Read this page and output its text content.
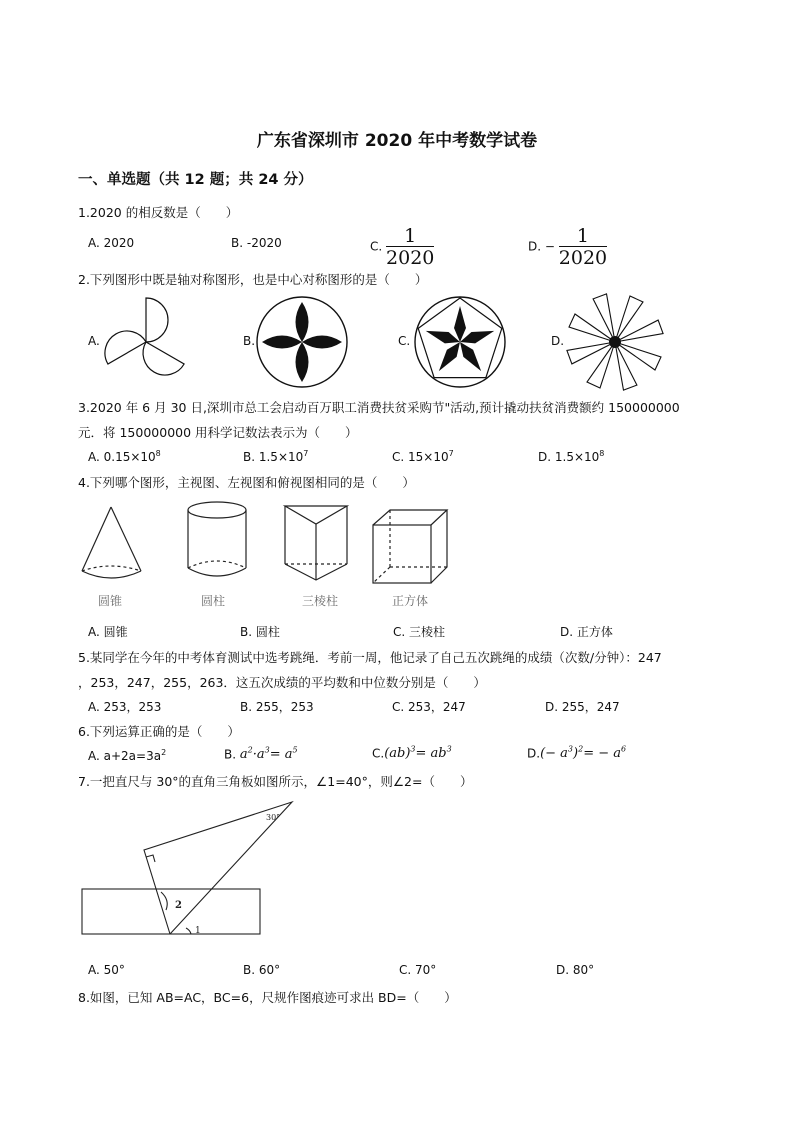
广东省深圳市 2020 年中考数学试卷
一、单选题（共 12 题；共 24 分）
1.2020 的相反数是（　　）
A. 2020	B. -2020	C. $\frac{1}{2020}$	D. − $\frac{1}{2020}$
2.下列图形中既是轴对称图形，也是中心对称图形的是（　　）
A.	B.	C.	D.
3.2020 年 6 月 30 日,深圳市总工会启动百万职工消费扶贫采购节"活动,预计撬动扶贫消费额约 150000000
元．将 150000000 用科学记数法表示为（　　）
A. $0.15\times 10^8$	B. $1.5\times 10^7$	C. $15\times 10^7$	D. $1.5\times 10^8$
4.下列哪个图形，主视图、左视图和俯视图相同的是（　　）
圆锥	圆柱	三棱柱	正方体
A. 圆锥	B. 圆柱	C. 三棱柱	D. 正方体
5.某同学在今年的中考体育测试中选考跳绳．考前一周，他记录了自己五次跳绳的成绩（次数/分钟）：247
，253，247，255，263．这五次成绩的平均数和中位数分别是（　　）
A. 253，253	B. 255，253	C. 253，247	D. 255，247
6.下列运算正确的是（　　）
A. $a+2a=3a^2$	B. $a^2\cdot a^3= a^5$	$C.(ab)^3= ab^3$	$D.(- a^3)^2= - a^6$
7.一把直尺与 30°的直角三角板如图所示，∠1=40°，则∠2=（　　）
30°
2
1
A. 50°	B. 60°	C. 70°	D. 80°
8.如图，已知 AB=AC，BC=6，尺规作图痕迹可求出 BD=（　　）
